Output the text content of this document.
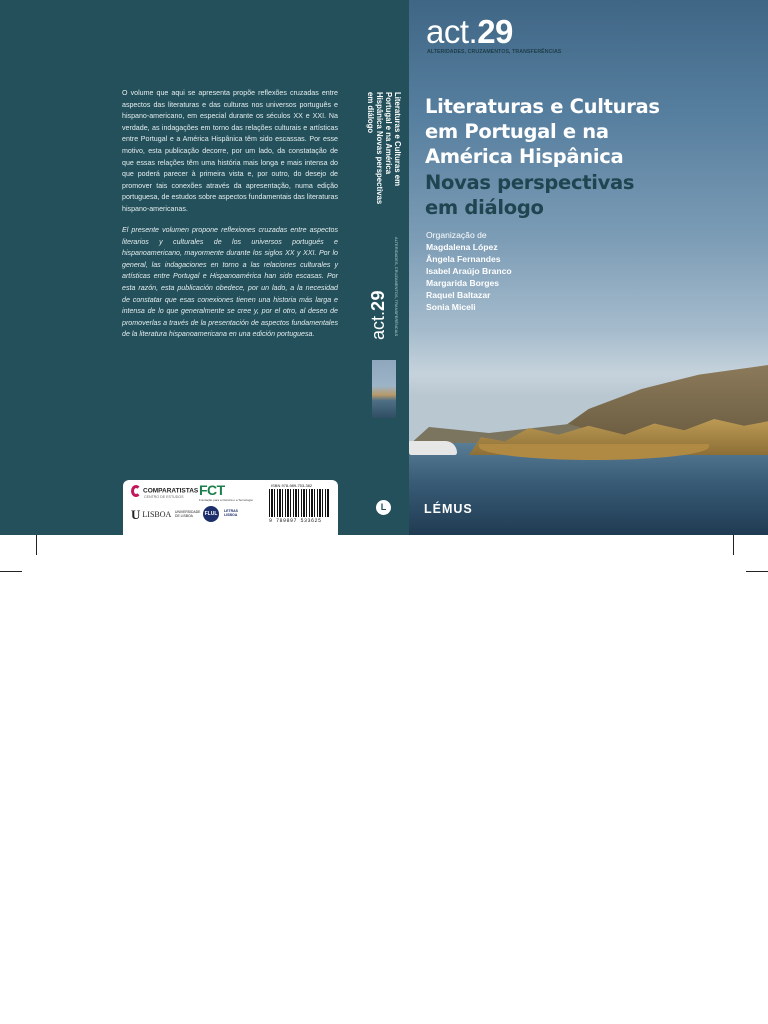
O volume que aqui se apresenta propõe reflexões cruzadas entre aspectos das literaturas e das culturas nos universos português e hispano-americano, em especial durante os séculos XX e XXI. Na verdade, as indagações em torno das relações culturais e artísticas entre Portugal e a América Hispânica têm sido escassas. Por esse motivo, esta publicação decorre, por um lado, da constatação de que essas relações têm uma história mais longa e mais intensa do que poderá parecer à primeira vista e, por outro, do desejo de promover tais conexões através da apresentação, numa edição portuguesa, de estudos sobre aspectos fundamentais das literaturas hispano-americanas.

El presente volumen propone reflexiones cruzadas entre aspectos literarios y culturales de los universos portugués e hispanoamericano, mayormente durante los siglos XX y XXI. Por lo general, las indagaciones en torno a las relaciones culturales y artísticas entre Portugal e Hispanoamérica han sido escasas. Por esta razón, esta publicación obedece, por un lado, a la necesidad de constatar que esas conexiones tienen una historia más larga e intensa de lo que generalmente se cree y, por el otro, al deseo de promoverlas a través de la presentación de aspectos fundamentales de la literatura hispanoamericana en una edición portuguesa.

COMPARATISTAS
CENTRO DE ESTUDOS	FCT
Fundação para a Ciência e a Tecnologia
ULISBOA UNIVERSIDADE DE LISBOA	FLUL	LETRAS LISBOA
ISBN 978-989-753-362
9 789897 533625
Literaturas e Culturas em Portugal e na América Hispânica Novas perspectivas em diálogo
act.29 ALTERIDADES, CRUZAMENTOS, TRANSFERÊNCIAS
L
act.29
ALTERIDADES, CRUZAMENTOS, TRANSFERÊNCIAS
Literaturas e Culturas
em Portugal e na
América Hispânica
Novas perspectivas
em diálogo
Organização de
Magdalena López
Ângela Fernandes
Isabel Araújo Branco
Margarida Borges
Raquel Baltazar
Sonia Miceli
LÉMUS
